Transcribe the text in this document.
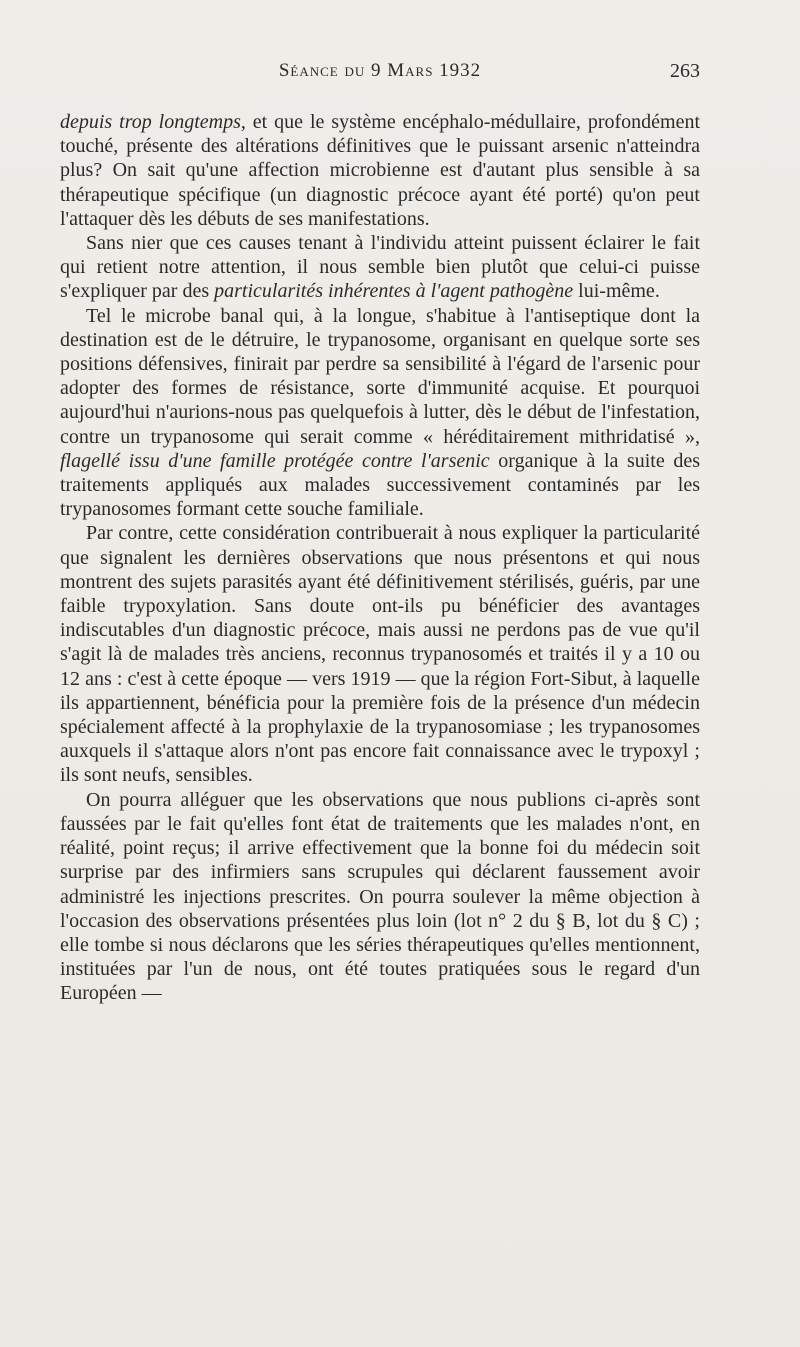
Séance du 9 Mars 1932	263

depuis trop longtemps, et que le système encéphalo-médullaire, profondément touché, présente des altérations définitives que le puissant arsenic n'atteindra plus? On sait qu'une affection microbienne est d'autant plus sensible à sa thérapeutique spécifique (un diagnostic précoce ayant été porté) qu'on peut l'attaquer dès les débuts de ses manifestations.

Sans nier que ces causes tenant à l'individu atteint puissent éclairer le fait qui retient notre attention, il nous semble bien plutôt que celui-ci puisse s'expliquer par des particularités inhérentes à l'agent pathogène lui-même.

Tel le microbe banal qui, à la longue, s'habitue à l'antiseptique dont la destination est de le détruire, le trypanosome, organisant en quelque sorte ses positions défensives, finirait par perdre sa sensibilité à l'égard de l'arsenic pour adopter des formes de résistance, sorte d'immunité acquise. Et pourquoi aujourd'hui n'aurions-nous pas quelquefois à lutter, dès le début de l'infestation, contre un trypanosome qui serait comme « héréditairement mithridatisé », flagellé issu d'une famille protégée contre l'arsenic organique à la suite des traitements appliqués aux malades successivement contaminés par les trypanosomes formant cette souche familiale.

Par contre, cette considération contribuerait à nous expliquer la particularité que signalent les dernières observations que nous présentons et qui nous montrent des sujets parasités ayant été définitivement stérilisés, guéris, par une faible trypoxylation. Sans doute ont-ils pu bénéficier des avantages indiscutables d'un diagnostic précoce, mais aussi ne perdons pas de vue qu'il s'agit là de malades très anciens, reconnus trypanosomés et traités il y a 10 ou 12 ans : c'est à cette époque — vers 1919 — que la région Fort-Sibut, à laquelle ils appartiennent, bénéficia pour la première fois de la présence d'un médecin spécialement affecté à la prophylaxie de la trypanosomiase ; les trypanosomes auxquels il s'attaque alors n'ont pas encore fait connaissance avec le trypoxyl ; ils sont neufs, sensibles.

On pourra alléguer que les observations que nous publions ci-après sont faussées par le fait qu'elles font état de traitements que les malades n'ont, en réalité, point reçus; il arrive effectivement que la bonne foi du médecin soit surprise par des infirmiers sans scrupules qui déclarent faussement avoir administré les injections prescrites. On pourra soulever la même objection à l'occasion des observations présentées plus loin (lot n° 2 du § B, lot du § C) ; elle tombe si nous déclarons que les séries thérapeutiques qu'elles mentionnent, instituées par l'un de nous, ont été toutes pratiquées sous le regard d'un Européen —
